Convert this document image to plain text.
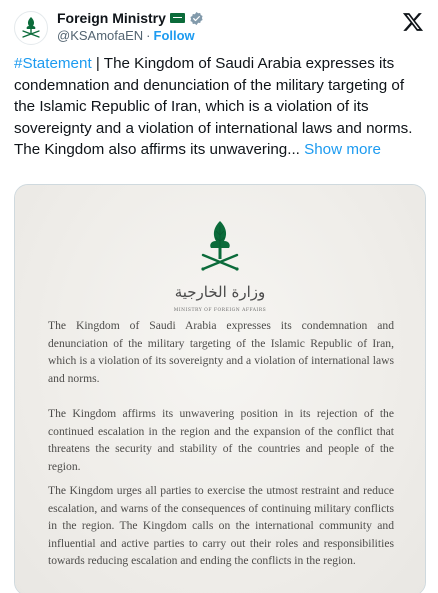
Foreign Ministry
@KSAmofaEN · Follow
#Statement | The Kingdom of Saudi Arabia expresses its condemnation and denunciation of the military targeting of the Islamic Republic of Iran, which is a violation of its sovereignty and a violation of international laws and norms. The Kingdom also affirms its unwavering... Show more
وزارة الخارجية
MINISTRY OF FOREIGN AFFAIRS

The Kingdom of Saudi Arabia expresses its condemnation and denunciation of the military targeting of the Islamic Republic of Iran, which is a violation of its sovereignty and a violation of international laws and norms.

The Kingdom affirms its unwavering position in its rejection of the continued escalation in the region and the expansion of the conflict that threatens the security and stability of the countries and people of the region.

The Kingdom urges all parties to exercise the utmost restraint and reduce escalation, and warns of the consequences of continuing military conflicts in the region. The Kingdom calls on the international community and influential and active parties to carry out their roles and responsibilities towards reducing escalation and ending the conflicts in the region.
